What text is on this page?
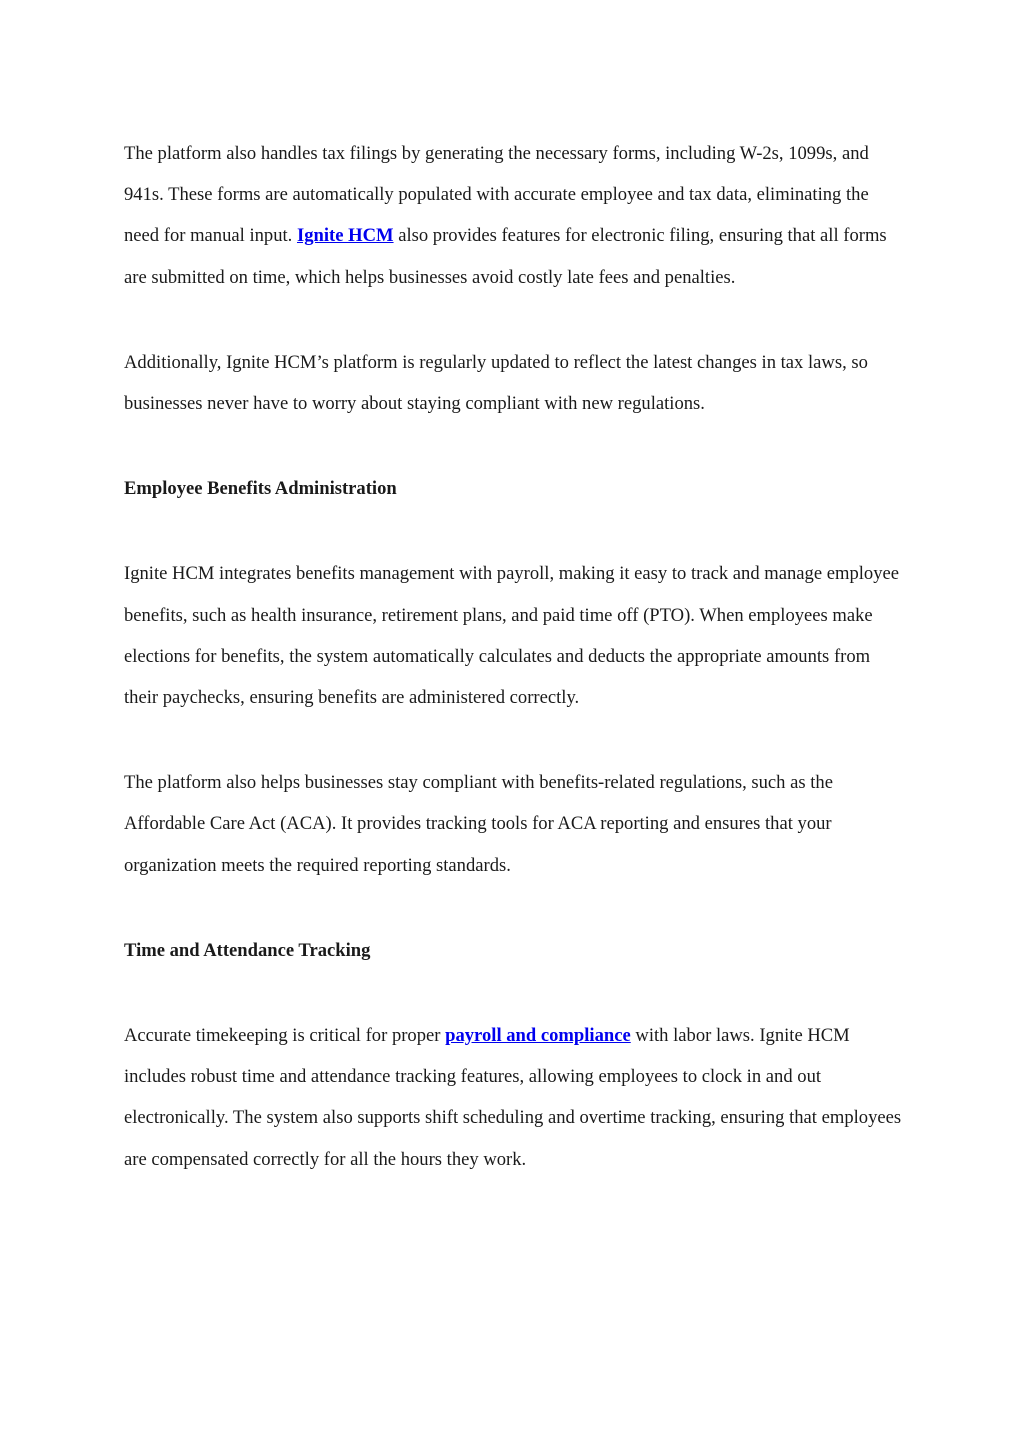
The platform also handles tax filings by generating the necessary forms, including W-2s, 1099s, and 941s. These forms are automatically populated with accurate employee and tax data, eliminating the need for manual input. Ignite HCM also provides features for electronic filing, ensuring that all forms are submitted on time, which helps businesses avoid costly late fees and penalties.

Additionally, Ignite HCM’s platform is regularly updated to reflect the latest changes in tax laws, so businesses never have to worry about staying compliant with new regulations.

Employee Benefits Administration

Ignite HCM integrates benefits management with payroll, making it easy to track and manage employee benefits, such as health insurance, retirement plans, and paid time off (PTO). When employees make elections for benefits, the system automatically calculates and deducts the appropriate amounts from their paychecks, ensuring benefits are administered correctly.

The platform also helps businesses stay compliant with benefits-related regulations, such as the Affordable Care Act (ACA). It provides tracking tools for ACA reporting and ensures that your organization meets the required reporting standards.

Time and Attendance Tracking

Accurate timekeeping is critical for proper payroll and compliance with labor laws. Ignite HCM includes robust time and attendance tracking features, allowing employees to clock in and out electronically. The system also supports shift scheduling and overtime tracking, ensuring that employees are compensated correctly for all the hours they work.
